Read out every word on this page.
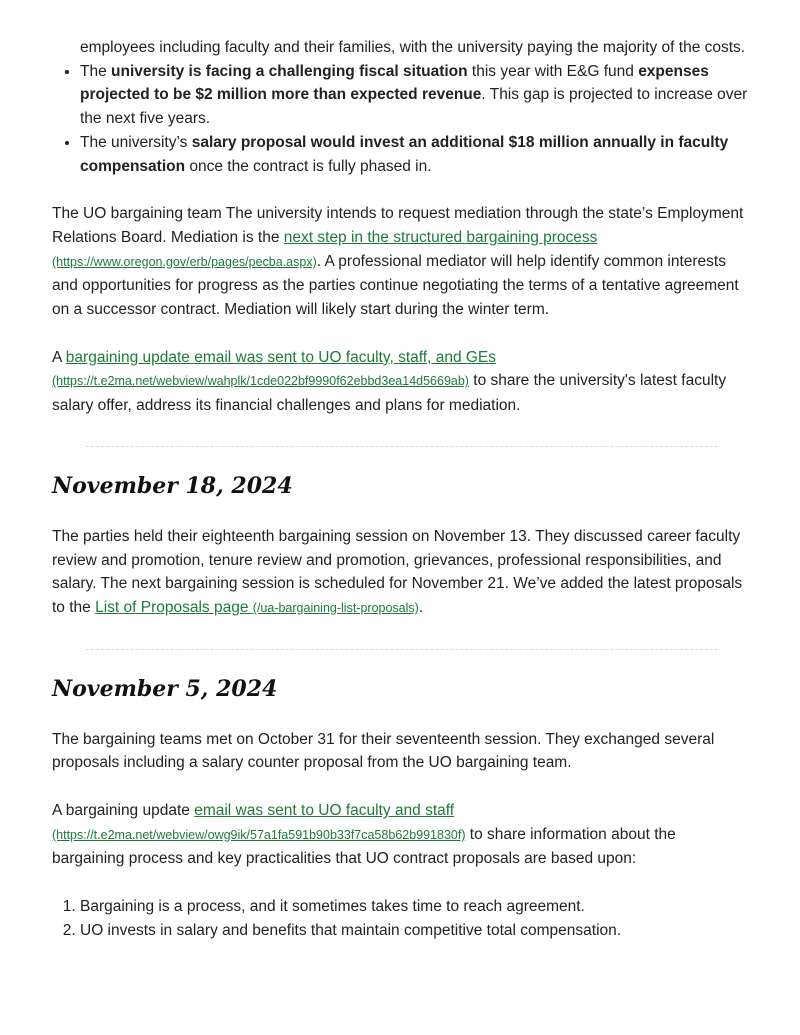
employees including faculty and their families, with the university paying the majority of the costs.
• The university is facing a challenging fiscal situation this year with E&G fund expenses projected to be $2 million more than expected revenue. This gap is projected to increase over the next five years.
• The university’s salary proposal would invest an additional $18 million annually in faculty compensation once the contract is fully phased in.

The UO bargaining team The university intends to request mediation through the state’s Employment Relations Board. Mediation is the next step in the structured bargaining process (https://www.oregon.gov/erb/pages/pecba.aspx). A professional mediator will help identify common interests and opportunities for progress as the parties continue negotiating the terms of a tentative agreement on a successor contract. Mediation will likely start during the winter term.

A bargaining update email was sent to UO faculty, staff, and GEs (https://t.e2ma.net/webview/wahplk/1cde022bf9990f62ebbd3ea14d5669ab) to share the university's latest faculty salary offer, address its financial challenges and plans for mediation.

November 18, 2024

The parties held their eighteenth bargaining session on November 13. They discussed career faculty review and promotion, tenure review and promotion, grievances, professional responsibilities, and salary. The next bargaining session is scheduled for November 21. We’ve added the latest proposals to the List of Proposals page (/ua-bargaining-list-proposals).

November 5, 2024

The bargaining teams met on October 31 for their seventeenth session. They exchanged several proposals including a salary counter proposal from the UO bargaining team.

A bargaining update email was sent to UO faculty and staff (https://t.e2ma.net/webview/owg9ik/57a1fa591b90b33f7ca58b62b991830f) to share information about the bargaining process and key practicalities that UO contract proposals are based upon:

1. Bargaining is a process, and it sometimes takes time to reach agreement.
2. UO invests in salary and benefits that maintain competitive total compensation.
